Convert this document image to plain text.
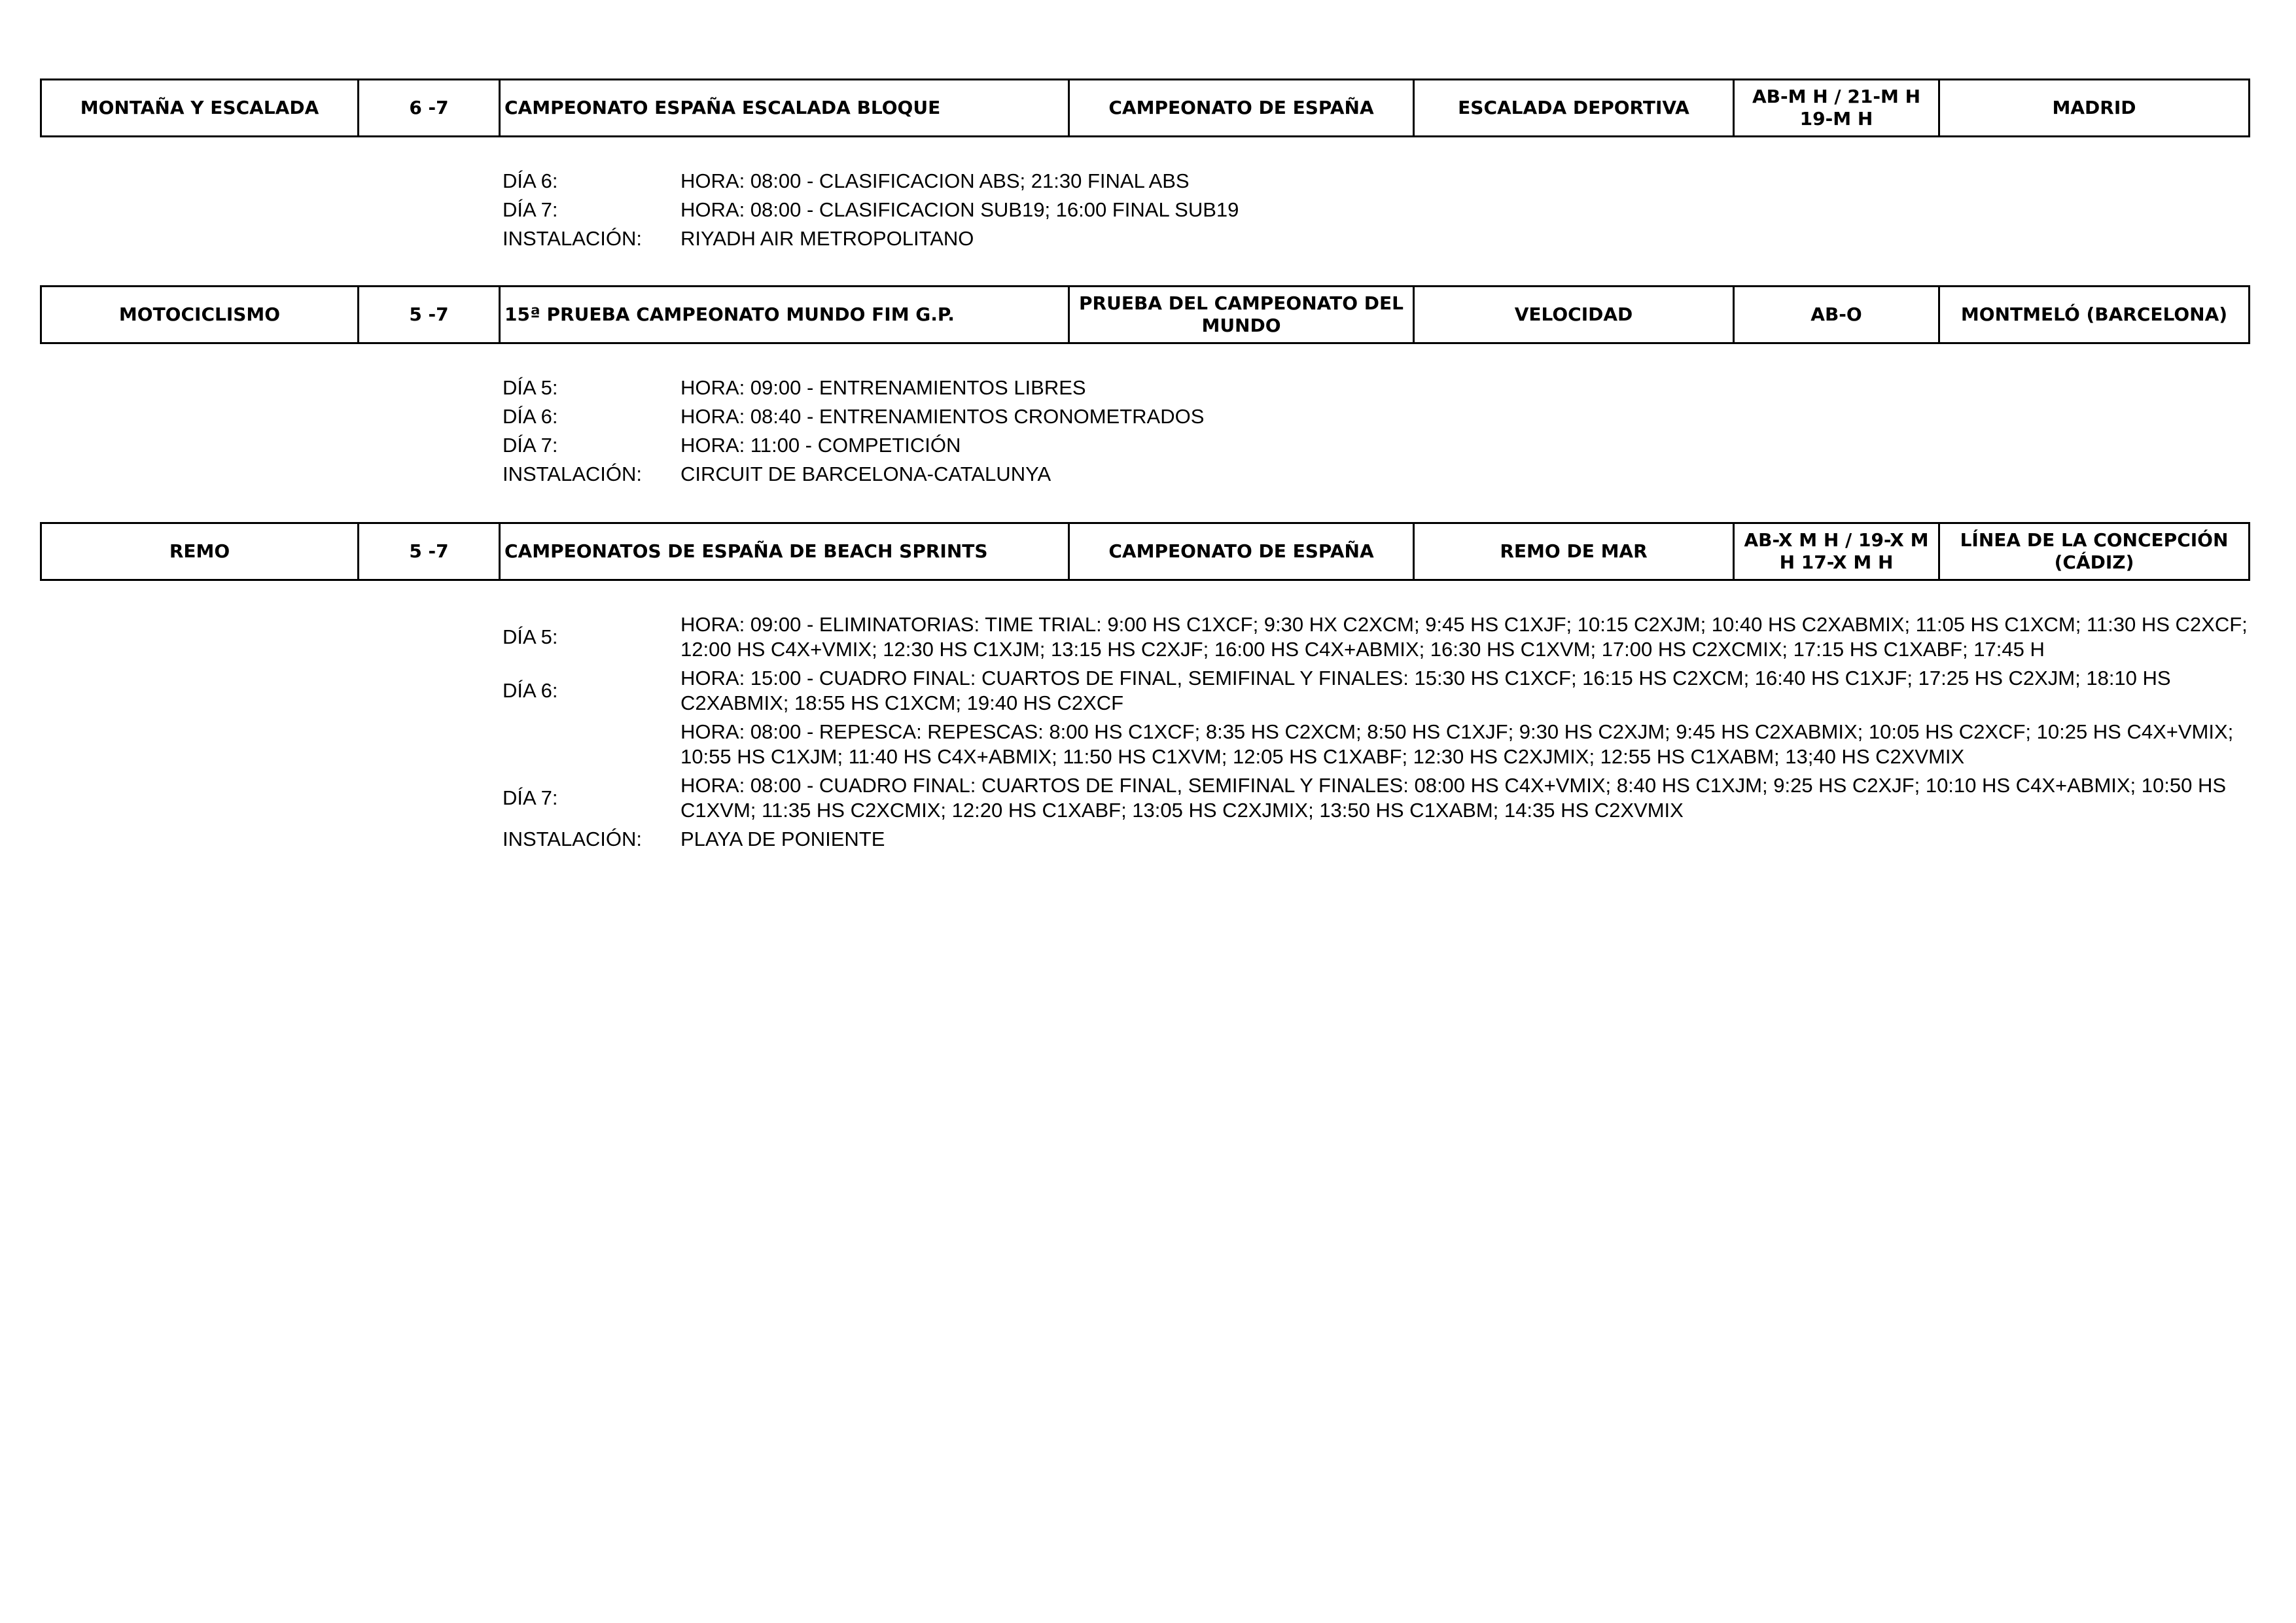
MONTAÑA Y ESCALADA	6 -7	CAMPEONATO ESPAÑA ESCALADA BLOQUE	CAMPEONATO DE ESPAÑA	ESCALADA DEPORTIVA	AB-M H / 21-M H 19-M H	MADRID
DÍA 6:	HORA: 08:00 - CLASIFICACION ABS; 21:30 FINAL ABS
DÍA 7:	HORA: 08:00 - CLASIFICACION SUB19; 16:00 FINAL SUB19
INSTALACIÓN:	RIYADH AIR METROPOLITANO
MOTOCICLISMO	5 -7	15ª PRUEBA CAMPEONATO MUNDO FIM G.P.	PRUEBA DEL CAMPEONATO DEL MUNDO	VELOCIDAD	AB-O	MONTMELÓ (BARCELONA)
DÍA 5:	HORA: 09:00 - ENTRENAMIENTOS LIBRES
DÍA 6:	HORA: 08:40 - ENTRENAMIENTOS CRONOMETRADOS
DÍA 7:	HORA: 11:00 - COMPETICIÓN
INSTALACIÓN:	CIRCUIT DE BARCELONA-CATALUNYA
REMO	5 -7	CAMPEONATOS DE ESPAÑA DE BEACH SPRINTS	CAMPEONATO DE ESPAÑA	REMO DE MAR	AB-X M H / 19-X M H 17-X M H	LÍNEA DE LA CONCEPCIÓN (CÁDIZ)
DÍA 5:
HORA: 09:00 - ELIMINATORIAS: TIME TRIAL: 9:00 HS C1XCF; 9:30 HX C2XCM; 9:45 HS C1XJF; 10:15 C2XJM; 10:40 HS C2XABMIX; 11:05 HS C1XCM; 11:30 HS C2XCF; 12:00 HS C4X+VMIX; 12:30 HS C1XJM; 13:15 HS C2XJF; 16:00 HS C4X+ABMIX; 16:30 HS C1XVM; 17:00 HS C2XCMIX; 17:15 HS C1XABF; 17:45 H
DÍA 6:
HORA: 15:00 - CUADRO FINAL: CUARTOS DE FINAL, SEMIFINAL Y FINALES: 15:30 HS C1XCF; 16:15 HS C2XCM; 16:40 HS C1XJF; 17:25 HS C2XJM; 18:10 HS C2XABMIX; 18:55 HS C1XCM; 19:40 HS C2XCF
HORA: 08:00 - REPESCA: REPESCAS: 8:00 HS C1XCF; 8:35 HS C2XCM; 8:50 HS C1XJF; 9:30 HS C2XJM; 9:45 HS C2XABMIX; 10:05 HS C2XCF; 10:25 HS C4X+VMIX; 10:55 HS C1XJM; 11:40 HS C4X+ABMIX; 11:50 HS C1XVM; 12:05 HS C1XABF; 12:30 HS C2XJMIX; 12:55 HS C1XABM; 13;40 HS C2XVMIX
DÍA 7:
HORA: 08:00 - CUADRO FINAL: CUARTOS DE FINAL, SEMIFINAL Y FINALES: 08:00 HS C4X+VMIX; 8:40 HS C1XJM; 9:25 HS C2XJF; 10:10 HS C4X+ABMIX; 10:50 HS C1XVM; 11:35 HS C2XCMIX; 12:20 HS C1XABF; 13:05 HS C2XJMIX; 13:50 HS C1XABM; 14:35 HS C2XVMIX
INSTALACIÓN:	PLAYA DE PONIENTE
